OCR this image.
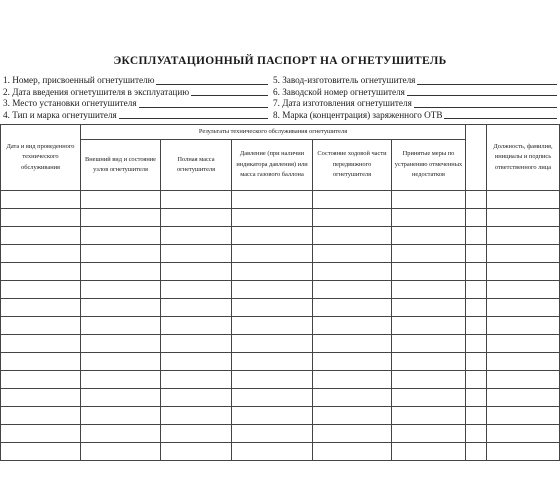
ЭКСПЛУАТАЦИОННЫЙ ПАСПОРТ НА ОГНЕТУШИТЕЛЬ
1. Номер, присвоенный огнетушителю	5. Завод-изготовитель огнетушителя
2. Дата введения огнетушителя в эксплуатацию	6. Заводской номер огнетушителя
3. Место установки огнетушителя	7. Дата изготовления огнетушителя
4. Тип и марка огнетушителя	8. Марка (концентрация) заряженного ОТВ
Дата и вид проведенного технического обслуживания	Результаты технического обслуживания огнетушителя						Должность, фамилия, инициалы и подпись ответственного лица
	Внешний вид и состояние узлов огнетушителя	Полная масса огнетушителя	Давление (при наличии индикатора давления) или масса газового баллона	Состояние ходовой части передвижного огнетушителя	Принятые меры по устранению отмеченных недостатков		
